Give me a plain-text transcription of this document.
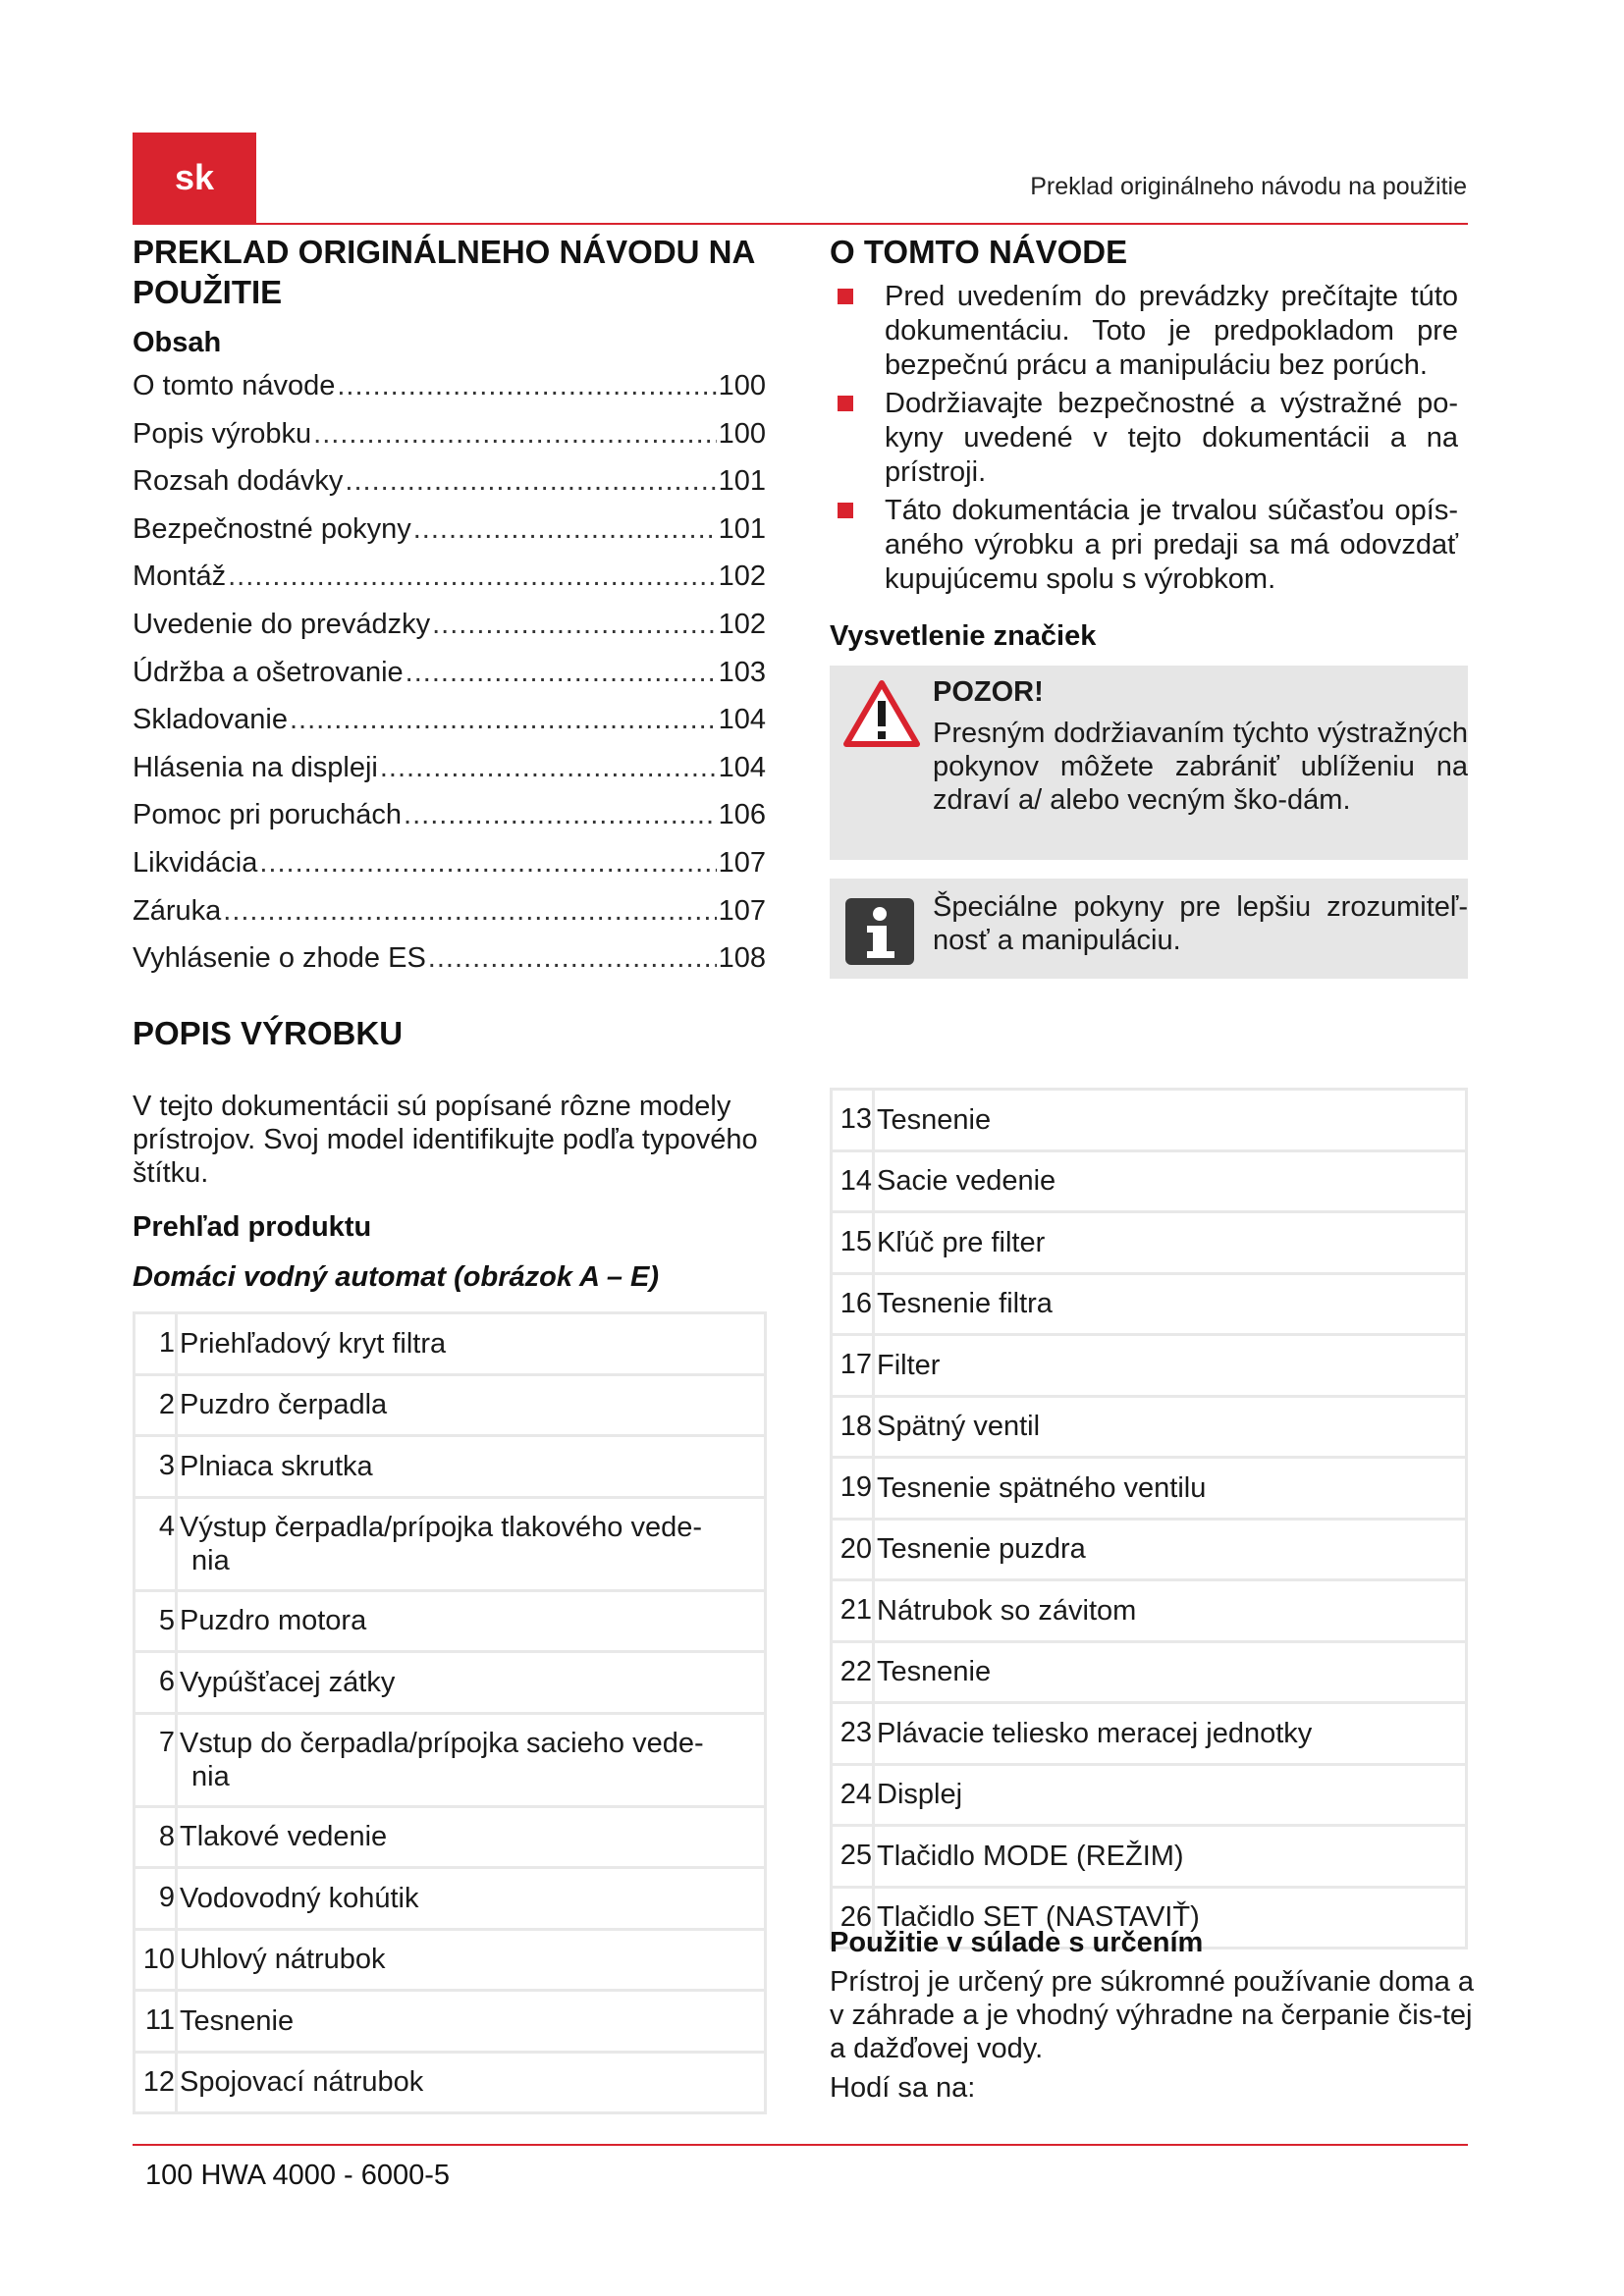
sk	Preklad originálneho návodu na použitie
PREKLAD ORIGINÁLNEHO NÁVODU NA POUŽITIE
Obsah
O tomto návode .....	100
Popis výrobku .....	100
Rozsah dodávky .....	101
Bezpečnostné pokyny .....	101
Montáž .....	102
Uvedenie do prevádzky .....	102
Údržba a ošetrovanie .....	103
Skladovanie .....	104
Hlásenia na displeji .....	104
Pomoc pri poruchách .....	106
Likvidácia .....	107
Záruka .....	107
Vyhlásenie o zhode ES .....	108
POPIS VÝROBKU

V tejto dokumentácii sú popísané rôzne modely prístrojov. Svoj model identifikujte podľa typového štítku.

Prehľad produktu
Domáci vodný automat (obrázok A – E)
1	Priehľadový kryt filtra

2	Puzdro čerpadla

3	Plniaca skrutka

4	Výstup čerpadla/prípojka tlakového vede-
nia

5	Puzdro motora

6	Vypúšťacej zátky

7	Vstup do čerpadla/prípojka sacieho vede-
nia

8	Tlakové vedenie

9	Vodovodný kohútik

10	Uhlový nátrubok

11	Tesnenie

12	Spojovací nátrubok
O TOMTO NÁVODE
Pred uvedením do prevádzky prečítajte túto dokumentáciu. Toto je predpokladom pre bezpečnú prácu a manipuláciu bez porúch.
Dodržiavajte bezpečnostné a výstražné po-kyny uvedené v tejto dokumentácii a na prístroji.
Táto dokumentácia je trvalou súčasťou opís-aného výrobku a pri predaji sa má odovzdať kupujúcemu spolu s výrobkom.
Vysvetlenie značiek
POZOR!
Presným dodržiavaním týchto výstražných pokynov môžete zabrániť ublíženiu na zdraví a/ alebo vecným ško-dám.
Špeciálne pokyny pre lepšiu zrozumiteľ-nosť a manipuláciu.
13	Tesnenie
14	Sacie vedenie
15	Kľúč pre filter
16	Tesnenie filtra
17	Filter
18	Spätný ventil
19	Tesnenie spätného ventilu
20	Tesnenie puzdra
21	Nátrubok so závitom
22	Tesnenie
23	Plávacie teliesko meracej jednotky
24	Displej
25	Tlačidlo MODE (REŽIM)
26	Tlačidlo SET (NASTAVIŤ)
Použitie v súlade s určením

Prístroj je určený pre súkromné používanie doma a v záhrade a je vhodný výhradne na čerpanie čis-tej a dažďovej vody.

Hodí sa na:

100 HWA 4000 - 6000-5
